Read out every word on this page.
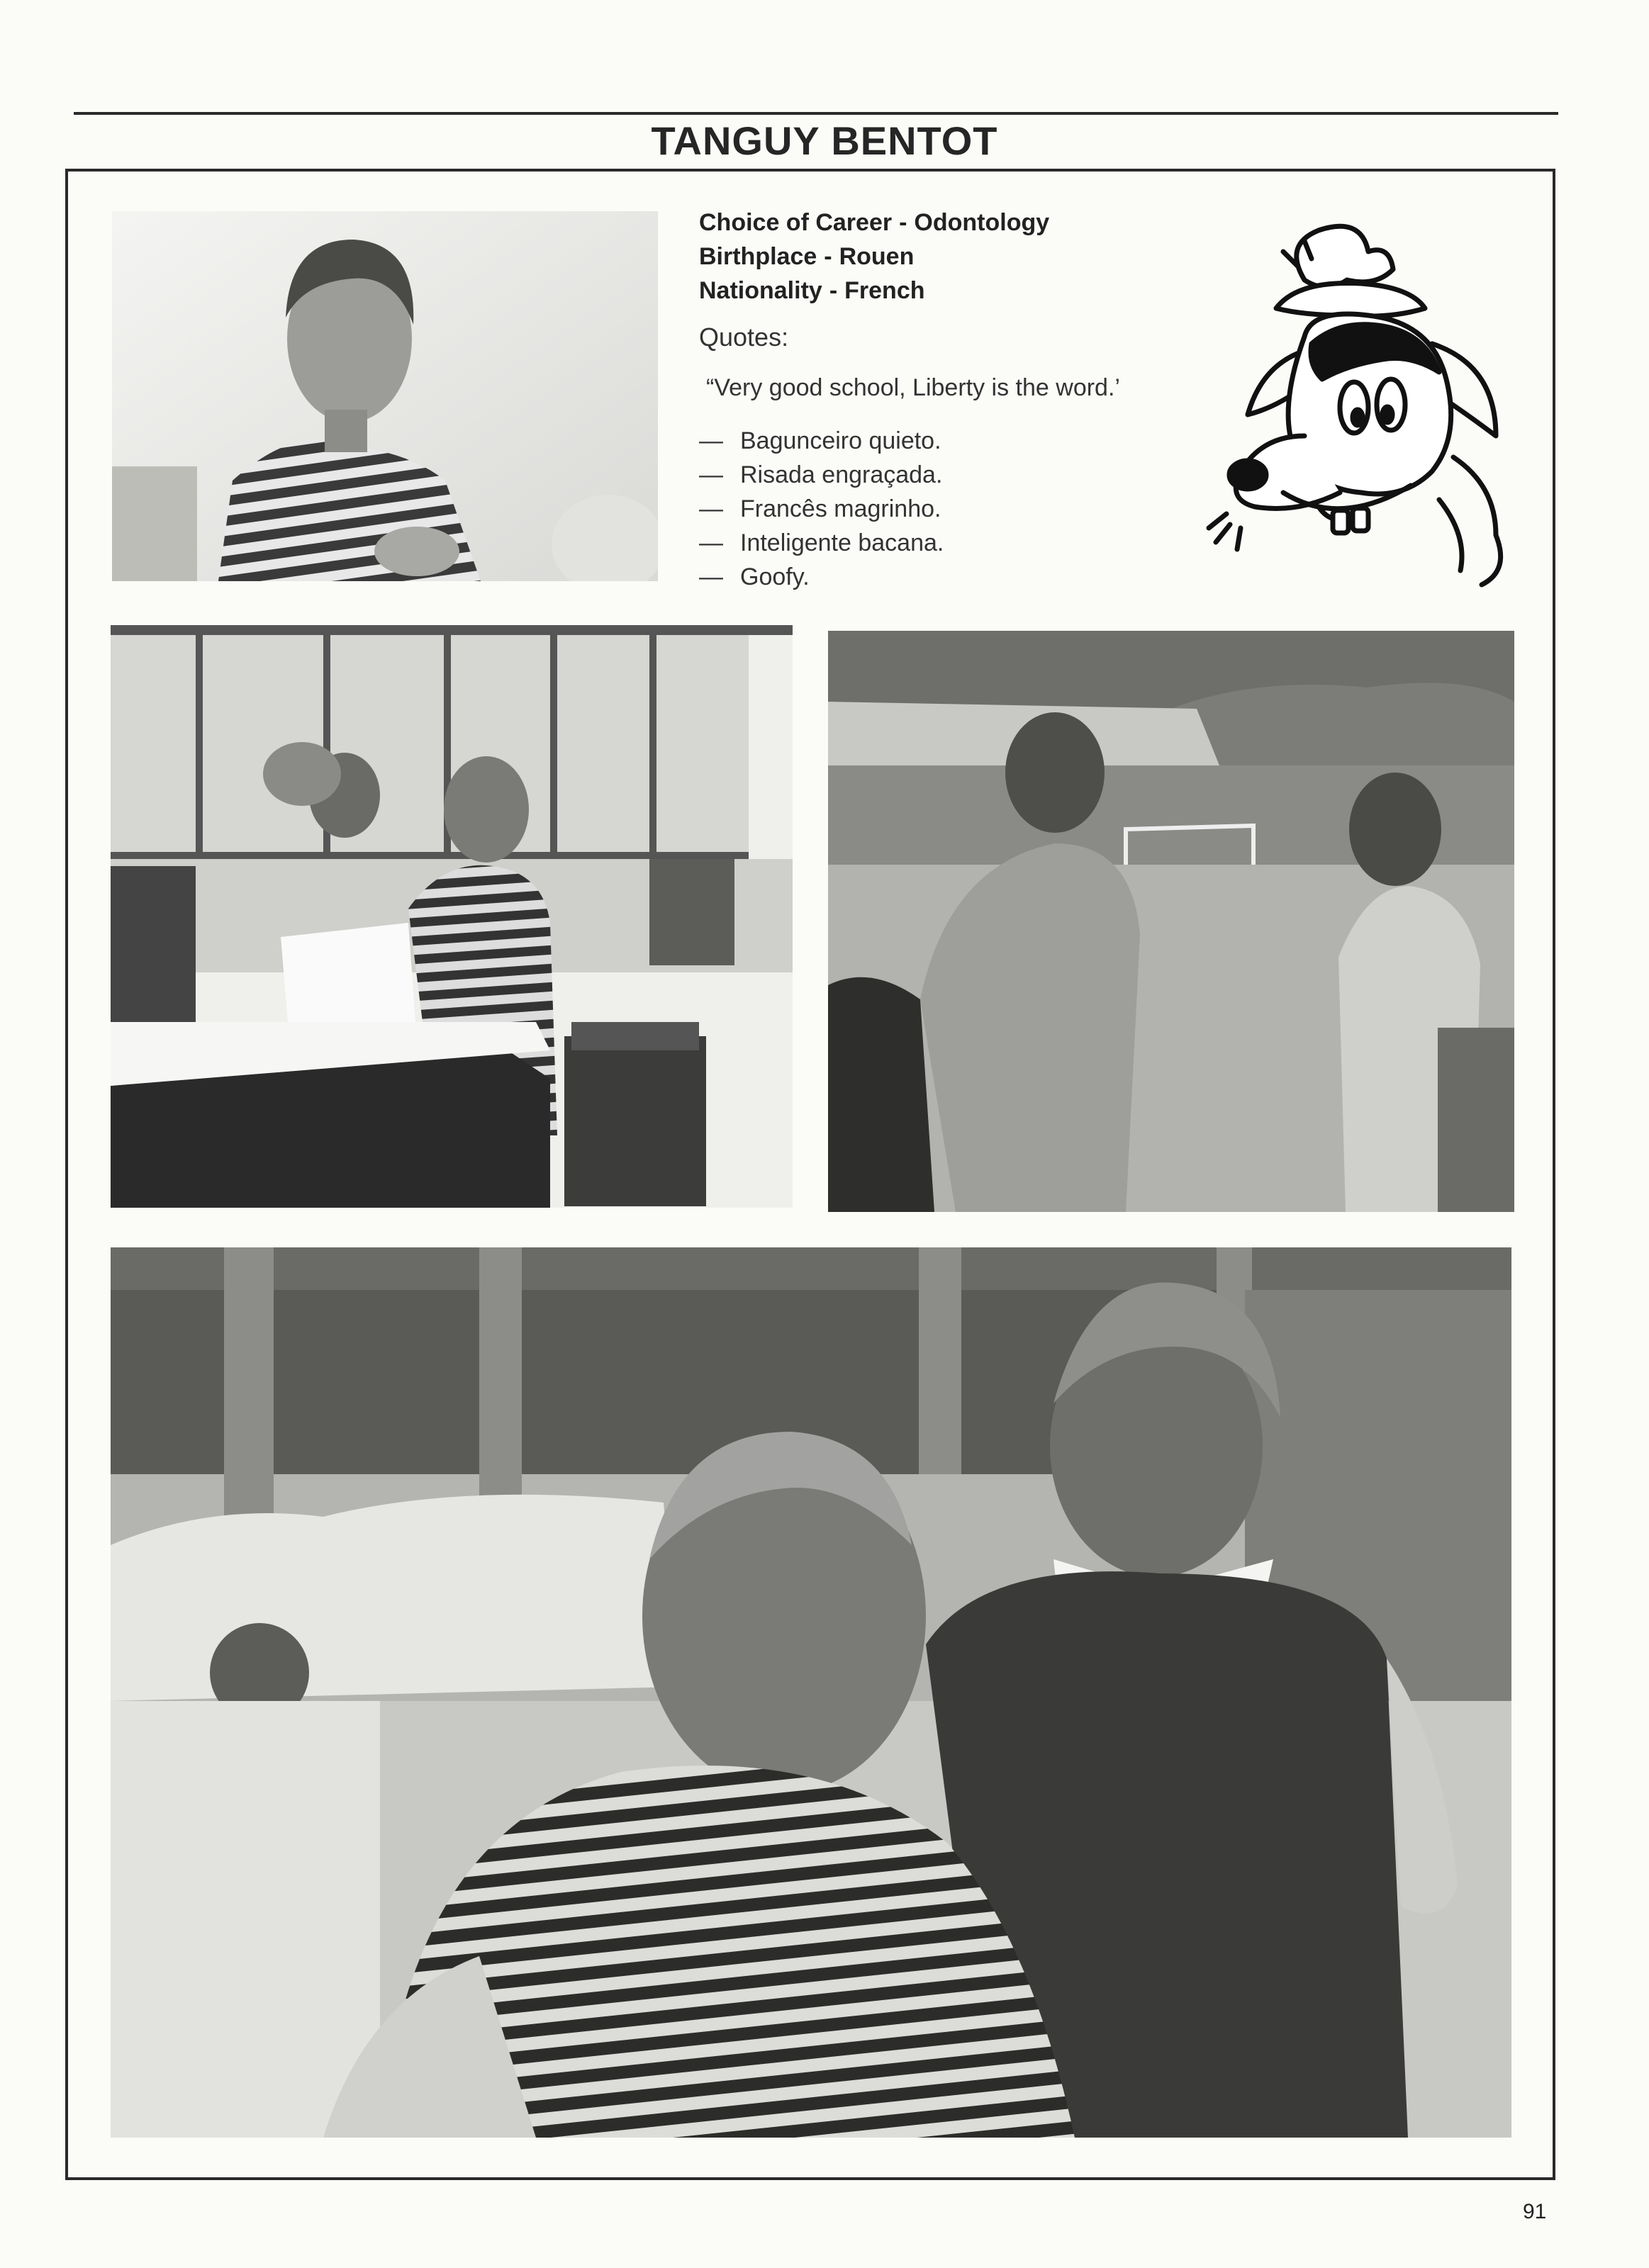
TANGUY BENTOT
Choice of Career - Odontology
Birthplace - Rouen
Nationality - French
Quotes:
“Very good school, Liberty is the word.’
— Bagunceiro quieto.
— Risada engraçada.
— Francês magrinho.
— Inteligente bacana.
— Goofy.
91
